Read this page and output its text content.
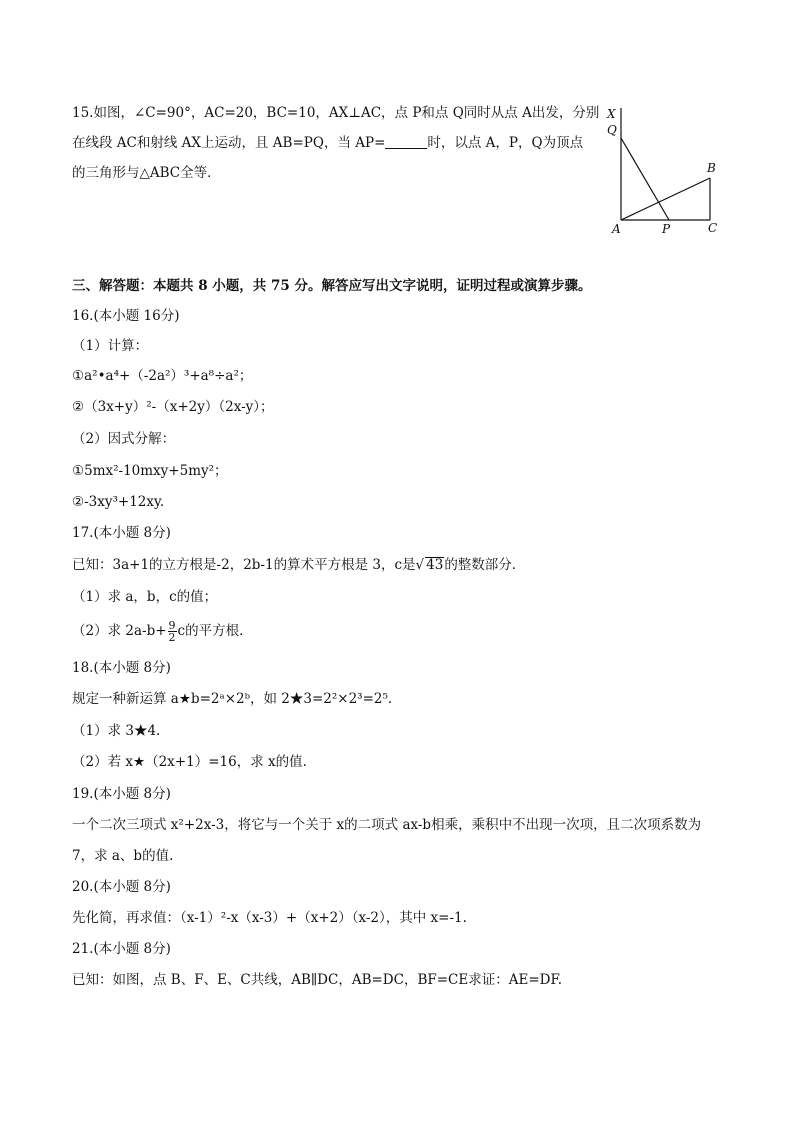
15.如图，∠C=90°，AC=20，BC=10，AX⊥AC，点 P和点 Q同时从点 A出发，分别
在线段 AC和射线 AX上运动，且 AB=PQ，当 AP=	时，以点 A，P，Q为顶点
的三角形与△ABC全等．
X
Q
B
A	P	C
三、解答题：本题共 8 小题，共 75 分。解答应写出文字说明，证明过程或演算步骤。
16.(本小题 16分)
（1）计算：
①a²•a⁴+（-2a²）³+a⁸÷a²；
②（3x+y）²-（x+2y）（2x-y）；
（2）因式分解：
①5mx²-10mxy+5my²；
②-3xy³+12xy.
17.(本小题 8分)
已知：3a+1的立方根是-2，2b-1的算术平方根是 3，c是√ 43的整数部分．
（1）求 a，b，c的值；
（2）求 $2a-b+ \frac{9}{2}$ c的平方根．
18.(本小题 8分)
规定一种新运算 a★b=2ᵃ×2ᵇ，如 2★3=2²×2³=2⁵.
（1）求 3★4.
（2）若 x★（2x+1）=16，求 x的值.
19.(本小题 8分)
一个二次三项式 x²+2x-3，将它与一个关于 x的二项式 ax-b相乘，乘积中不出现一次项，且二次项系数为
7，求 a、b的值.
20.(本小题 8分)
先化简，再求值：（x-1）²-x（x-3）+（x+2）（x-2），其中 x=-1.
21.(本小题 8分)
已知：如图，点 B、F、E、C共线，AB∥DC，AB=DC，BF=CE求证：AE=DF.
